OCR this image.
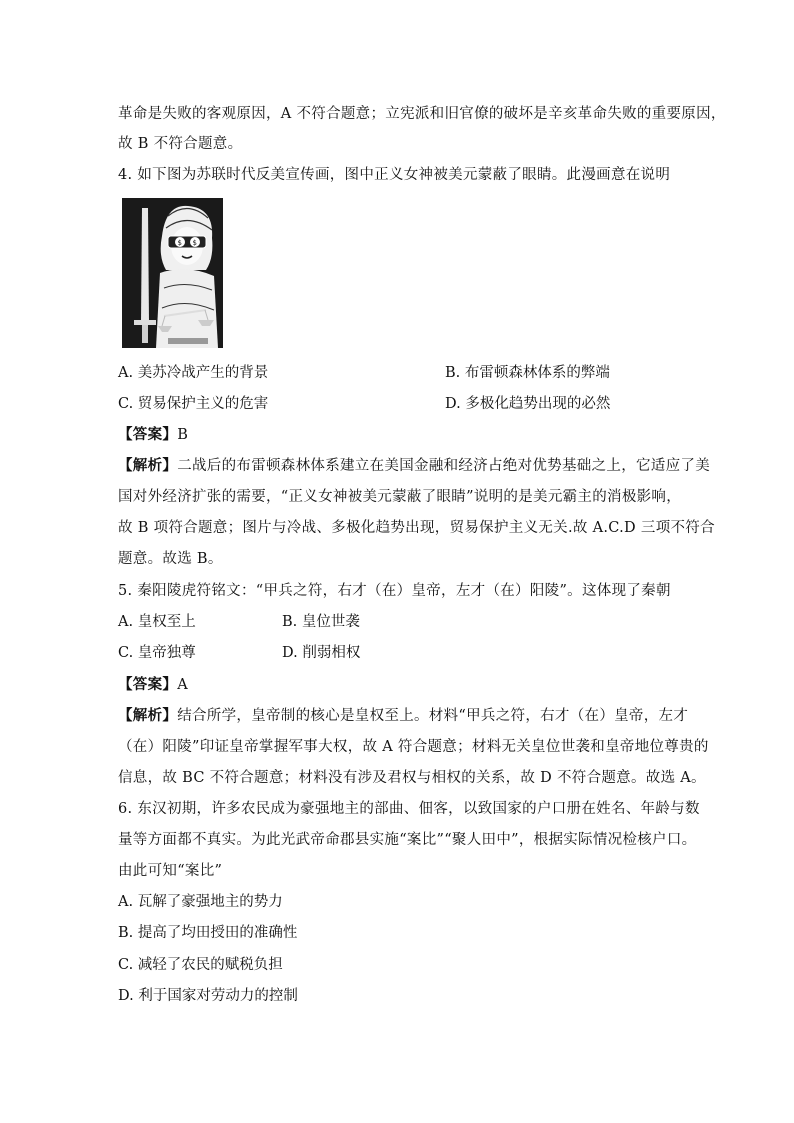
革命是失败的客观原因，A 不符合题意；立宪派和旧官僚的破坏是辛亥革命失败的重要原因，
故 B 不符合题意。
4. 如下图为苏联时代反美宣传画，图中正义女神被美元蒙蔽了眼睛。此漫画意在说明
$ $
A. 美苏冷战产生的背景	B. 布雷顿森林体系的弊端
C. 贸易保护主义的危害	D. 多极化趋势出现的必然
【答案】B
【解析】二战后的布雷顿森林体系建立在美国金融和经济占绝对优势基础之上，它适应了美
国对外经济扩张的需要，“正义女神被美元蒙蔽了眼睛”说明的是美元霸主的消极影响，
故 B 项符合题意；图片与冷战、多极化趋势出现，贸易保护主义无关.故 A.C.D 三项不符合
题意。故选 B。
5. 秦阳陵虎符铭文：“甲兵之符，右才（在）皇帝，左才（在）阳陵”。这体现了秦朝
A. 皇权至上	B. 皇位世袭
C. 皇帝独尊	D. 削弱相权
【答案】A
【解析】结合所学，皇帝制的核心是皇权至上。材料“甲兵之符，右才（在）皇帝，左才
（在）阳陵”印证皇帝掌握军事大权，故 A 符合题意；材料无关皇位世袭和皇帝地位尊贵的
信息，故 BC 不符合题意；材料没有涉及君权与相权的关系，故 D 不符合题意。故选 A。
6. 东汉初期，许多农民成为豪强地主的部曲、佃客，以致国家的户口册在姓名、年龄与数
量等方面都不真实。为此光武帝命郡县实施“案比”“聚人田中”，根据实际情况检核户口。
由此可知“案比”
A. 瓦解了豪强地主的势力
B. 提高了均田授田的准确性
C. 减轻了农民的赋税负担
D. 利于国家对劳动力的控制
